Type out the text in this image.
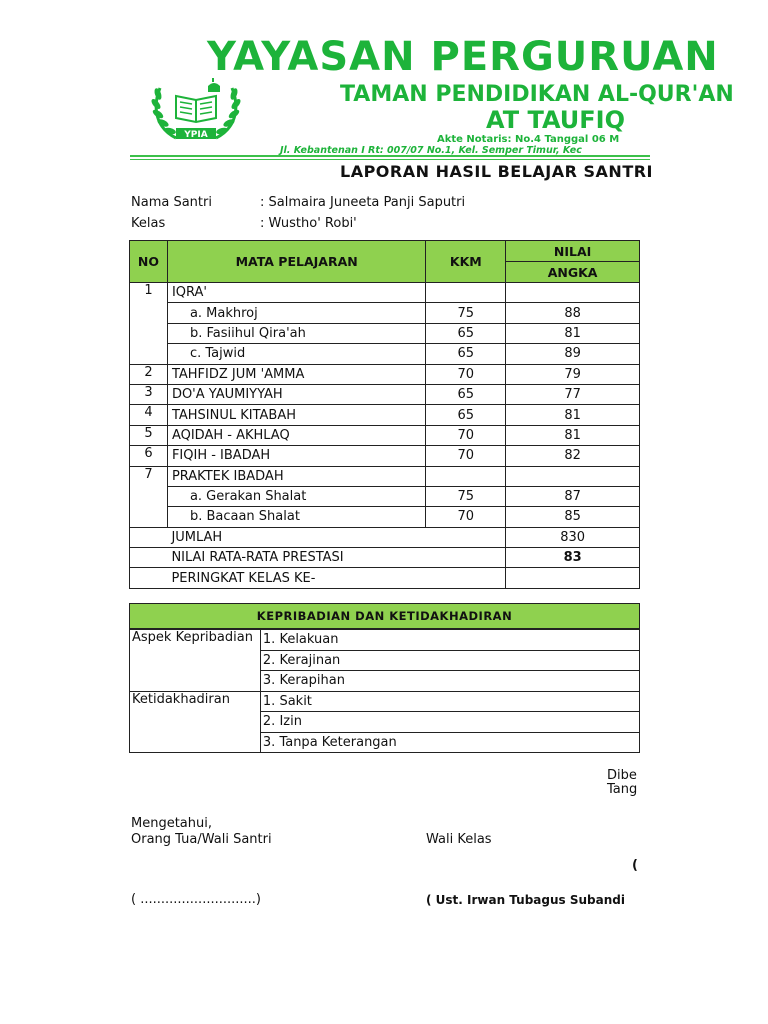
YPIA
YAYASAN PERGURUAN
TAMAN PENDIDIKAN AL-QUR'AN
AT TAUFIQ
Akte Notaris: No.4 Tanggal 06 M
Jl. Kebantenan I Rt: 007/07 No.1, Kel. Semper Timur, Kec
LAPORAN HASIL BELAJAR SANTRI
Nama Santri	: Salmaira Juneeta Panji Saputri
Kelas	: Wustho' Robi'
NO	MATA PELAJARAN	KKM	NILAI
			ANGKA
1	IQRA'		
	a. Makhroj	75	88
	b. Fasiihul Qira'ah	65	81
	c. Tajwid	65	89
2	TAHFIDZ JUM 'AMMA	70	79
3	DO'A YAUMIYYAH	65	77
4	TAHSINUL KITABAH	65	81
5	AQIDAH - AKHLAQ	70	81
6	FIQIH - IBADAH	70	82
7	PRAKTEK IBADAH		
	a. Gerakan Shalat	75	87
	b. Bacaan Shalat	70	85
	JUMLAH		830
	NILAI RATA-RATA PRESTASI		83
	PERINGKAT KELAS KE-		
KEPRIBADIAN DAN KETIDAKHADIRAN	
Aspek Kepribadian	1. Kelakuan
	2. Kerajinan
	3. Kerapihan
Ketidakhadiran	1. Sakit
	2. Izin
	3. Tanpa Keterangan
Dibe
Tang
Mengetahui,
Orang Tua/Wali Santri	Wali Kelas
(
( ............................)	( Ust. Irwan Tubagus Subandi
